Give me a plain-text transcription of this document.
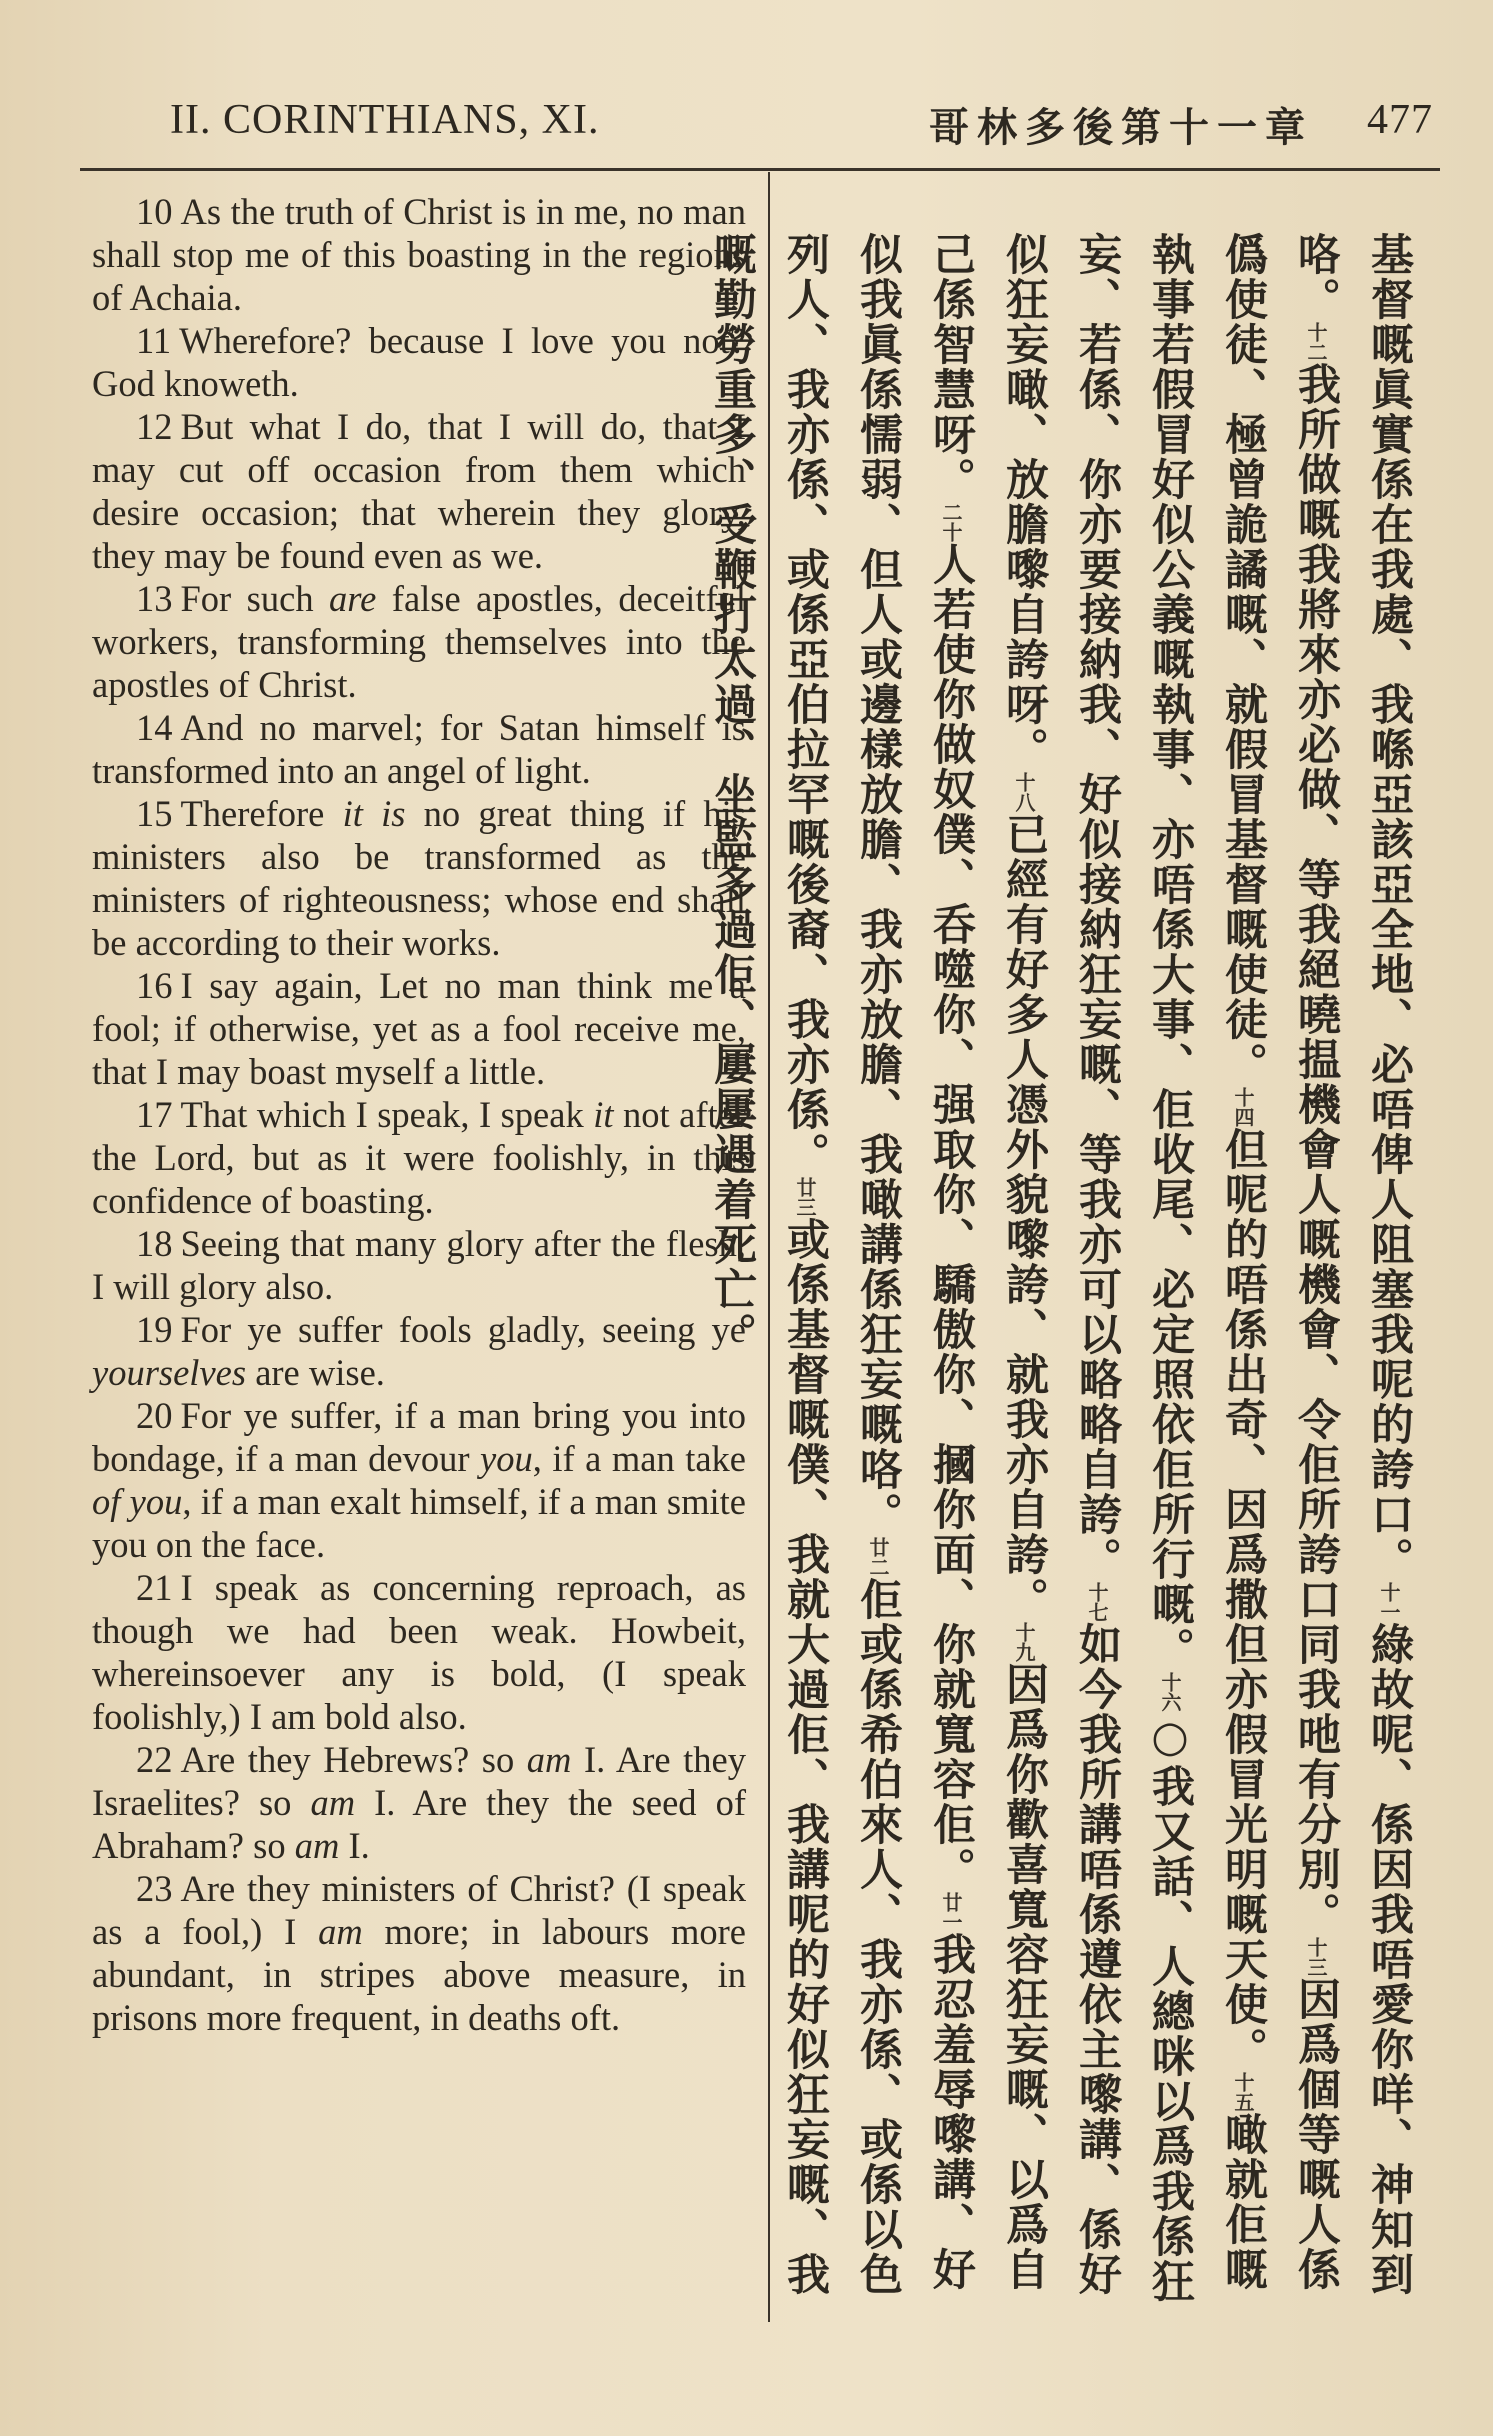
II. CORINTHIANS, XI.	哥林多後第十一章 477

10 As the truth of Christ is in me, no man shall stop me of this boasting in the regions of Achaia.

11 Wherefore? because I love you not? God knoweth.

12 But what I do, that I will do, that I may cut off occasion from them which desire occasion; that wherein they glory, they may be found even as we.

13 For such are false apostles, deceitful workers, transforming themselves into the apostles of Christ.

14 And no marvel; for Satan himself is transformed into an angel of light.

15 Therefore it is no great thing if his ministers also be transformed as the ministers of righteousness; whose end shall be according to their works.

16 I say again, Let no man think me a fool; if otherwise, yet as a fool receive me, that I may boast myself a little.

17 That which I speak, I speak it not after the Lord, but as it were foolishly, in this confidence of boasting.

18 Seeing that many glory after the flesh, I will glory also.

19 For ye suffer fools gladly, seeing ye yourselves are wise.

20 For ye suffer, if a man bring you into bondage, if a man devour you, if a man take of you, if a man exalt himself, if a man smite you on the face.

21 I speak as concerning reproach, as though we had been weak. Howbeit, whereinsoever any is bold, (I speak foolishly,) I am bold also.

22 Are they Hebrews? so am I. Are they Israelites? so am I. Are they the seed of Abraham? so am I.

23 Are they ministers of Christ? (I speak as a fool,) I am more; in labours more abundant, in stripes above measure, in prisons more frequent, in deaths oft.

基督嘅眞實係在我處、我喺亞該亞全地、必唔俾人阻塞我呢的誇口。十一綠故呢、係因我唔愛你咩、神知到咯。十二我所做嘅我將來亦必做、等我絕曉揾機會人嘅機會、令佢所誇口同我吔有分別。十三因爲個等嘅人係僞使徒、極曾詭譎嘅、就假冒基督嘅使徒。十四但呢的唔係出奇、因爲撒但亦假冒光明嘅天使。十五噉就佢嘅執事若假冒好似公義嘅執事、亦唔係大事、佢收尾、必定照依佢所行嘅。十六○我又話、人總咪以爲我係狂妄、若係、你亦要接納我、好似接納狂妄嘅、等我亦可以略略自誇。十七如今我所講唔係遵依主嚟講、係好似狂妄噉、放膽嚟自誇呀。十八已經有好多人憑外貌嚟誇、就我亦自誇。十九因爲你歡喜寬容狂妄嘅、以爲自己係智慧呀。二十人若使你做奴僕、呑噬你、强取你、驕傲你、摑你面、你就寬容佢。廿一我忍羞辱嚟講、好似我眞係懦弱、但人或邊樣放膽、我亦放膽、我噉講係狂妄嘅咯。廿二佢或係希伯來人、我亦係、或係以色列人、我亦係、或係亞伯拉罕嘅後裔、我亦係。廿三或係基督嘅僕、我就大過佢、我講呢的好似狂妄嘅、我嘅勤勞重多、受鞭打太過、坐監多過佢、屢屢遇着死亡。
